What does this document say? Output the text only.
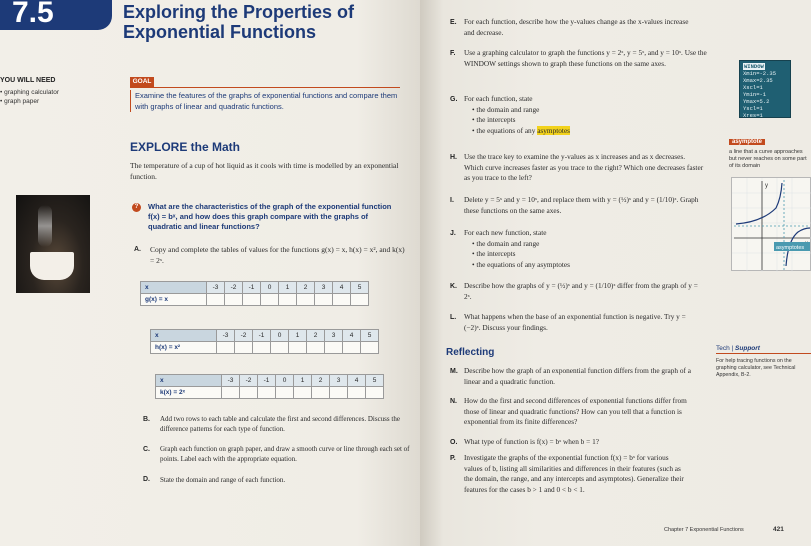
7.5	Exploring the Properties of Exponential Functions
YOU WILL NEED
• graphing calculator
• graph paper
GOAL
Examine the features of the graphs of exponential functions and compare them with graphs of linear and quadratic functions.
EXPLORE the Math
The temperature of a cup of hot liquid as it cools with time is modelled by an exponential function.
?	What are the characteristics of the graph of the exponential function f(x) = bˣ, and how does this graph compare with the graphs of quadratic and linear functions?
A. Copy and complete the tables of values for the functions g(x) = x, h(x) = x², and k(x) = 2ˣ.
x	-3	-2	-1	0	1	2	3	4	5
g(x) = x									
x	-3	-2	-1	0	1	2	3	4	5
h(x) = x²									
x	-3	-2	-1	0	1	2	3	4	5
k(x) = 2ˣ									
B. Add two rows to each table and calculate the first and second differences. Discuss the difference patterns for each type of function.
C. Graph each function on graph paper, and draw a smooth curve or line through each set of points. Label each with the appropriate equation.
D. State the domain and range of each function.
E. For each function, describe how the y-values change as the x-values increase and decrease.
F. Use a graphing calculator to graph the functions y = 2ˣ, y = 5ˣ, and y = 10ˣ. Use the WINDOW settings shown to graph these functions on the same axes.
G. For each function, state
• the domain and range
• the intercepts
• the equations of any asymptotes
H. Use the trace key to examine the y-values as x increases and as x decreases. Which curve increases faster as you trace to the right? Which one decreases faster as you trace to the left?
I. Delete y = 5ˣ and y = 10ˣ, and replace them with y = (½)ˣ and y = (1/10)ˣ. Graph these functions on the same axes.
J. For each new function, state
• the domain and range
• the intercepts
• the equations of any asymptotes
K. Describe how the graphs of y = (½)ˣ and y = (1/10)ˣ differ from the graph of y = 2ˣ.
L. What happens when the base of an exponential function is negative. Try y = (−2)ˣ. Discuss your findings.
Reflecting
M. Describe how the graph of an exponential function differs from the graph of a linear and a quadratic function.
N. How do the first and second differences of exponential functions differ from those of linear and quadratic functions? How can you tell that a function is exponential from its finite differences?
O. What type of function is f(x) = bˣ when b = 1?
P. Investigate the graphs of the exponential function f(x) = bˣ for various values of b, listing all similarities and differences in their features (such as the domain, the range, and any intercepts and asymptotes). Generalize their features for the cases b > 1 and 0 < b < 1.
WINDOW
Xmin=-2.35
Xmax=2.35
Xscl=1
Ymin=-1
Ymax=5.2
Yscl=1
Xres=1
asymptote
a line that a curve approaches but never reaches on some part of its domain
y
asymptotes
Tech | Support
For help tracing functions on the graphing calculator, see Technical Appendix, B-2.
Chapter 7 Exponential Functions	421
